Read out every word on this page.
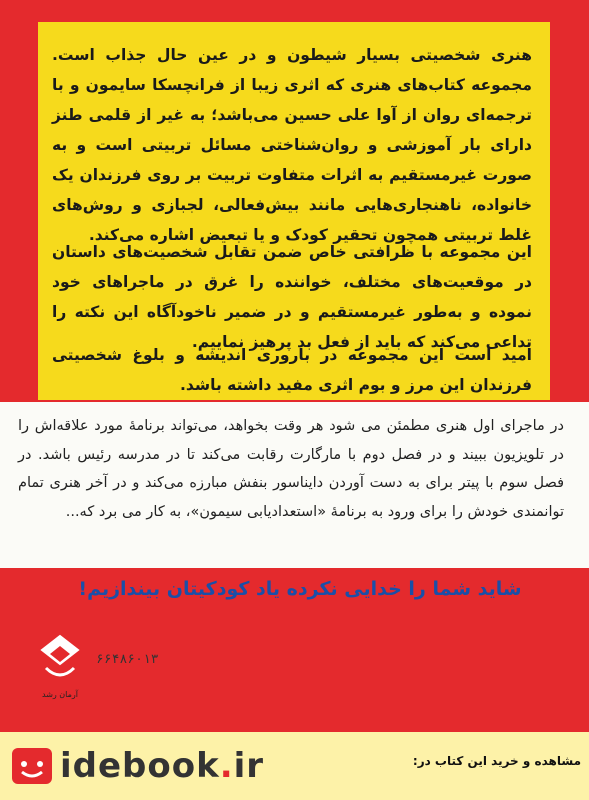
هنری شخصیتی بسیار شیطون و در عین حال جذاب است. مجموعه کتاب‌های هنری که اثری زیبا از فرانچسکا سایمون و با ترجمه‌ای روان از آوا علی حسین می‌باشد؛ به غیر از قلمی طنز دارای بار آموزشی و روان‌شناختی مسائل تربیتی است و به صورت غیرمستقیم به اثرات متفاوت تربیت بر روی فرزندان یک خانواده، ناهنجاری‌هایی مانند بیش‌فعالی، لجبازی و روش‌های غلط تربیتی همچون تحقیر کودک و یا تبعیض اشاره می‌کند.
این مجموعه با ظرافتی خاص ضمن تقابل شخصیت‌های داستان در موقعیت‌های مختلف، خواننده را غرق در ماجراهای خود نموده و به‌طور غیرمستقیم و در ضمیر ناخودآگاه این نکته را تداعی می‌کند که باید از فعل بد پرهیز نماییم.
امید است این مجموعه در باروری اندیشه و بلوغ شخصیتی فرزندان این مرز و بوم اثری مفید داشته باشد.
در ماجرای اول هنری مطمئن می شود هر وقت بخواهد، می‌تواند برنامهٔ مورد علاقه‌اش را در تلویزیون ببیند و در فصل دوم با مارگارت رقابت می‌کند تا در مدرسه رئیس باشد. در فصل سوم با پیتر برای به دست آوردن دایناسور بنفش مبارزه می‌کند و در آخر هنری تمام توانمندی خودش را برای ورود به برنامهٔ «استعدادیابی سیمون»، به کار می برد که...
شاید شما را خدایی نکرده یاد کودکیتان بیندازیم!
آرمان رشد
۶۶۴۸۶۰۱۳
idebook.ir	مشاهده و خرید این کتاب در:
